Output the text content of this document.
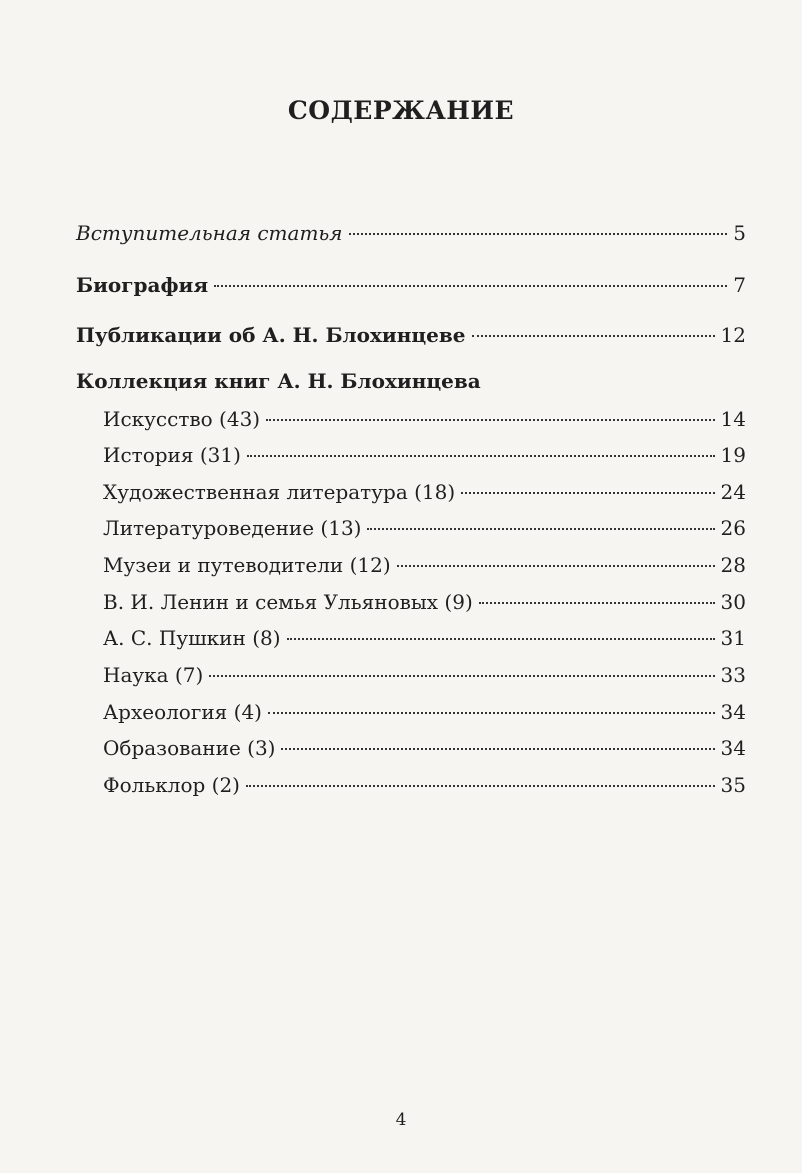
СОДЕРЖАНИЕ
Вступительная статья	5
Биография	7
Публикации об А. Н. Блохинцеве	12
Коллекция книг А. Н. Блохинцева
Искусство (43)	14
История (31)	19
Художественная литература (18)	24
Литературоведение (13)	26
Музеи и путеводители (12)	28
В. И. Ленин и семья Ульяновых (9)	30
А. С. Пушкин (8)	31
Наука (7)	33
Археология (4)	34
Образование (3)	34
Фольклор (2)	35
4
